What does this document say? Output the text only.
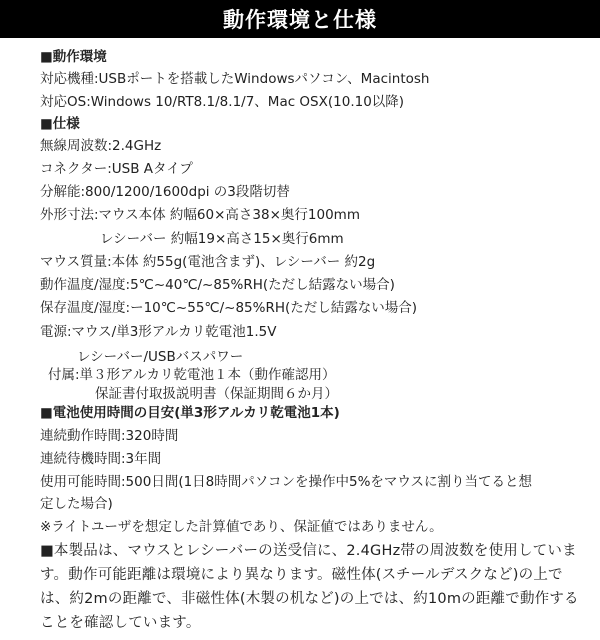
動作環境と仕様
■動作環境
対応機種:USBポートを搭載したWindowsパソコン、Macintosh
対応OS:Windows 10/RT8.1/8.1/7、Mac OSX(10.10以降)
■仕様
無線周波数:2.4GHz
コネクター:USB Aタイプ
分解能:800/1200/1600dpi の3段階切替
外形寸法:マウス本体 約幅60×高さ38×奥行100mm
レシーバー 約幅19×高さ15×奥行6mm
マウス質量:本体 約55g(電池含まず)、レシーバー 約2g
動作温度/湿度:5℃~40℃/~85%RH(ただし結露ない場合)
保存温度/湿度:ー10℃~55℃/~85%RH(ただし結露ない場合)
電源:マウス/単3形アルカリ乾電池1.5V
レシーバー/USBバスパワー
付属:単３形アルカリ乾電池１本（動作確認用）
保証書付取扱説明書（保証期間６か月）
■電池使用時間の目安(単3形アルカリ乾電池1本)
連続動作時間:320時間
連続待機時間:3年間
使用可能時間:500日間(1日8時間パソコンを操作中5%をマウスに割り当てると想
定した場合)
※ライトユーザを想定した計算値であり、保証値ではありません。
■本製品は、マウスとレシーバーの送受信に、2.4GHz帯の周波数を使用していま
す。動作可能距離は環境により異なります。磁性体(スチールデスクなど)の上で
は、約2mの距離で、非磁性体(木製の机など)の上では、約10mの距離で動作する
ことを確認しています。
